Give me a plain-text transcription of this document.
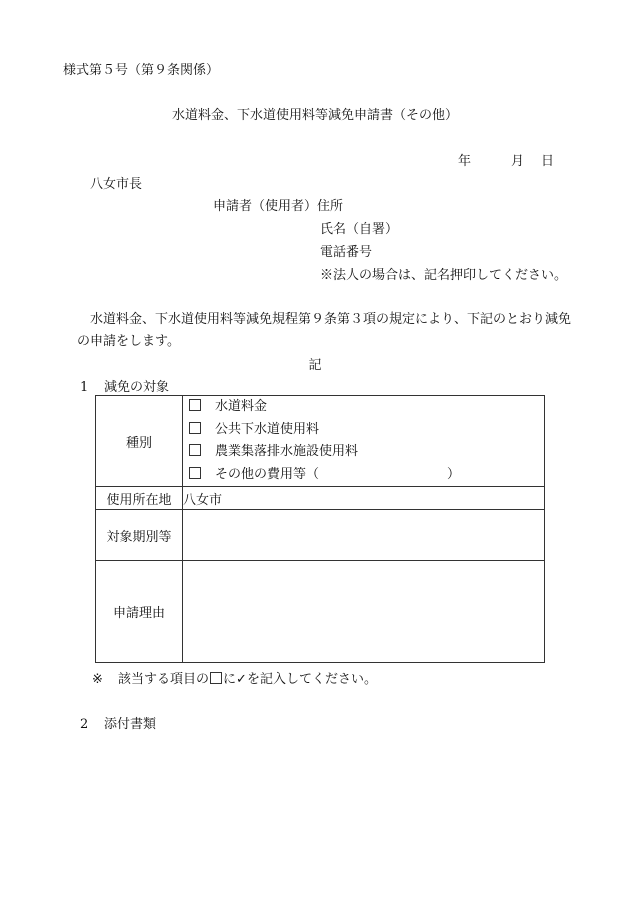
様式第５号（第９条関係）
水道料金、下水道使用料等減免申請書（その他）
年	月 日
八女市長
申請者（使用者）住所
氏名（自署）
電話番号
※法人の場合は、記名押印してください。
水道料金、下水道使用料等減免規程第９条第３項の規定により、下記のとおり減免の申請をします。
記
1 減免の対象
種別	水道料金
公共下水道使用料
農業集落排水施設使用料
その他の費用等（ ）

使用所在地	八女市
対象期別等	
申請理由	
※ 該当する項目の に✓を記入してください。
2 添付書類
